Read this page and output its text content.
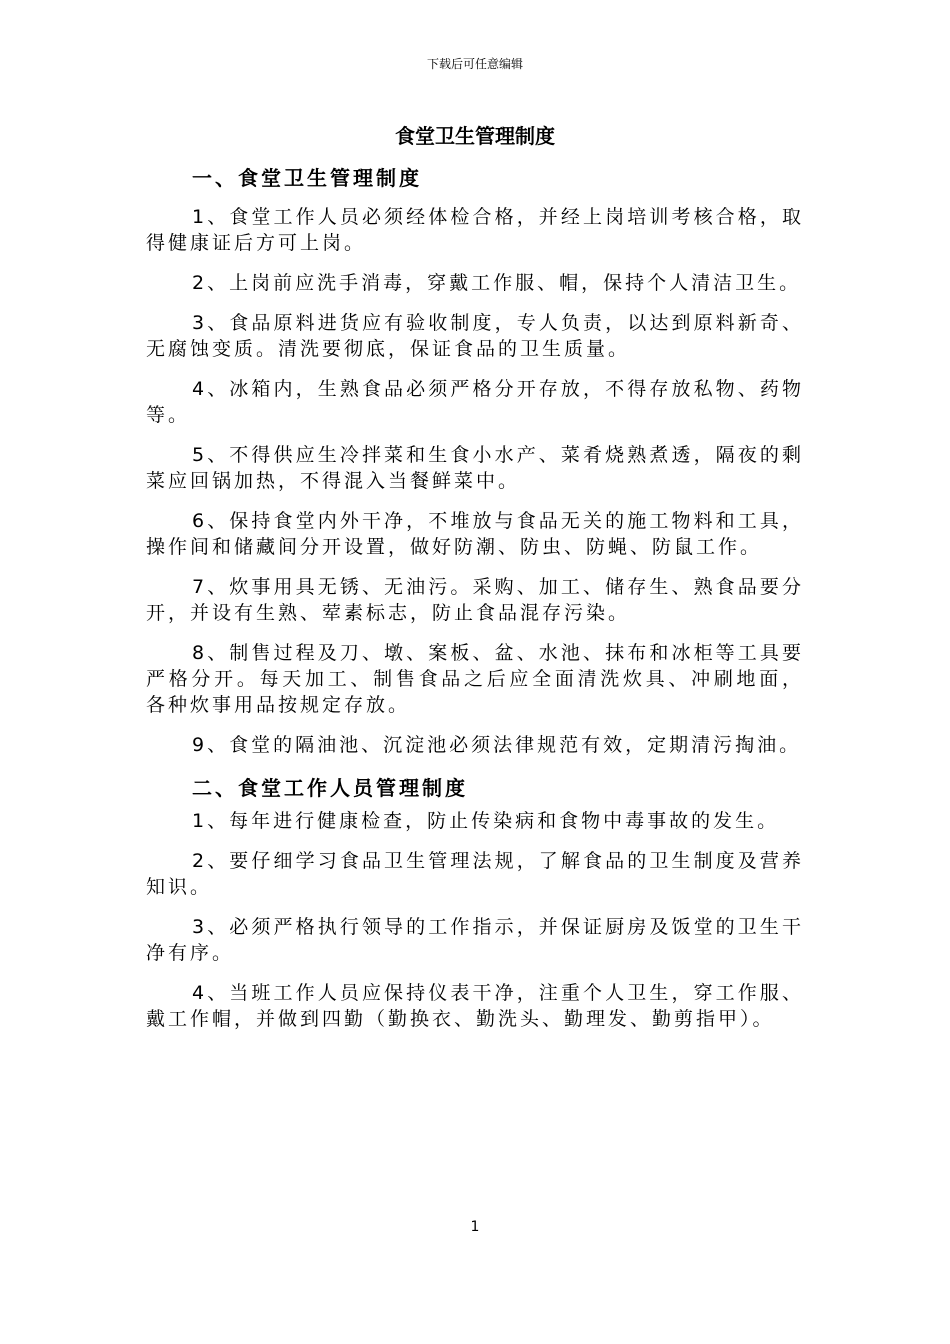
下载后可任意编辑
食堂卫生管理制度
一、食堂卫生管理制度

1、食堂工作人员必须经体检合格，并经上岗培训考核合格，取得健康证后方可上岗。

2、上岗前应洗手消毒，穿戴工作服、帽，保持个人清洁卫生。

3、食品原料进货应有验收制度，专人负责，以达到原料新奇、无腐蚀变质。清洗要彻底，保证食品的卫生质量。

4、冰箱内，生熟食品必须严格分开存放，不得存放私物、药物等。

5、不得供应生冷拌菜和生食小水产、菜肴烧熟煮透，隔夜的剩菜应回锅加热，不得混入当餐鲜菜中。

6、保持食堂内外干净，不堆放与食品无关的施工物料和工具，操作间和储藏间分开设置，做好防潮、防虫、防蝇、防鼠工作。

7、炊事用具无锈、无油污。采购、加工、储存生、熟食品要分开，并设有生熟、荤素标志，防止食品混存污染。

8、制售过程及刀、墩、案板、盆、水池、抹布和冰柜等工具要严格分开。每天加工、制售食品之后应全面清洗炊具、冲刷地面，各种炊事用品按规定存放。

9、食堂的隔油池、沉淀池必须法律规范有效，定期清污掏油。

二、食堂工作人员管理制度

1、每年进行健康检查，防止传染病和食物中毒事故的发生。

2、要仔细学习食品卫生管理法规，了解食品的卫生制度及营养知识。

3、必须严格执行领导的工作指示，并保证厨房及饭堂的卫生干净有序。

4、当班工作人员应保持仪表干净，注重个人卫生，穿工作服、戴工作帽，并做到四勤（勤换衣、勤洗头、勤理发、勤剪指甲）。

1
